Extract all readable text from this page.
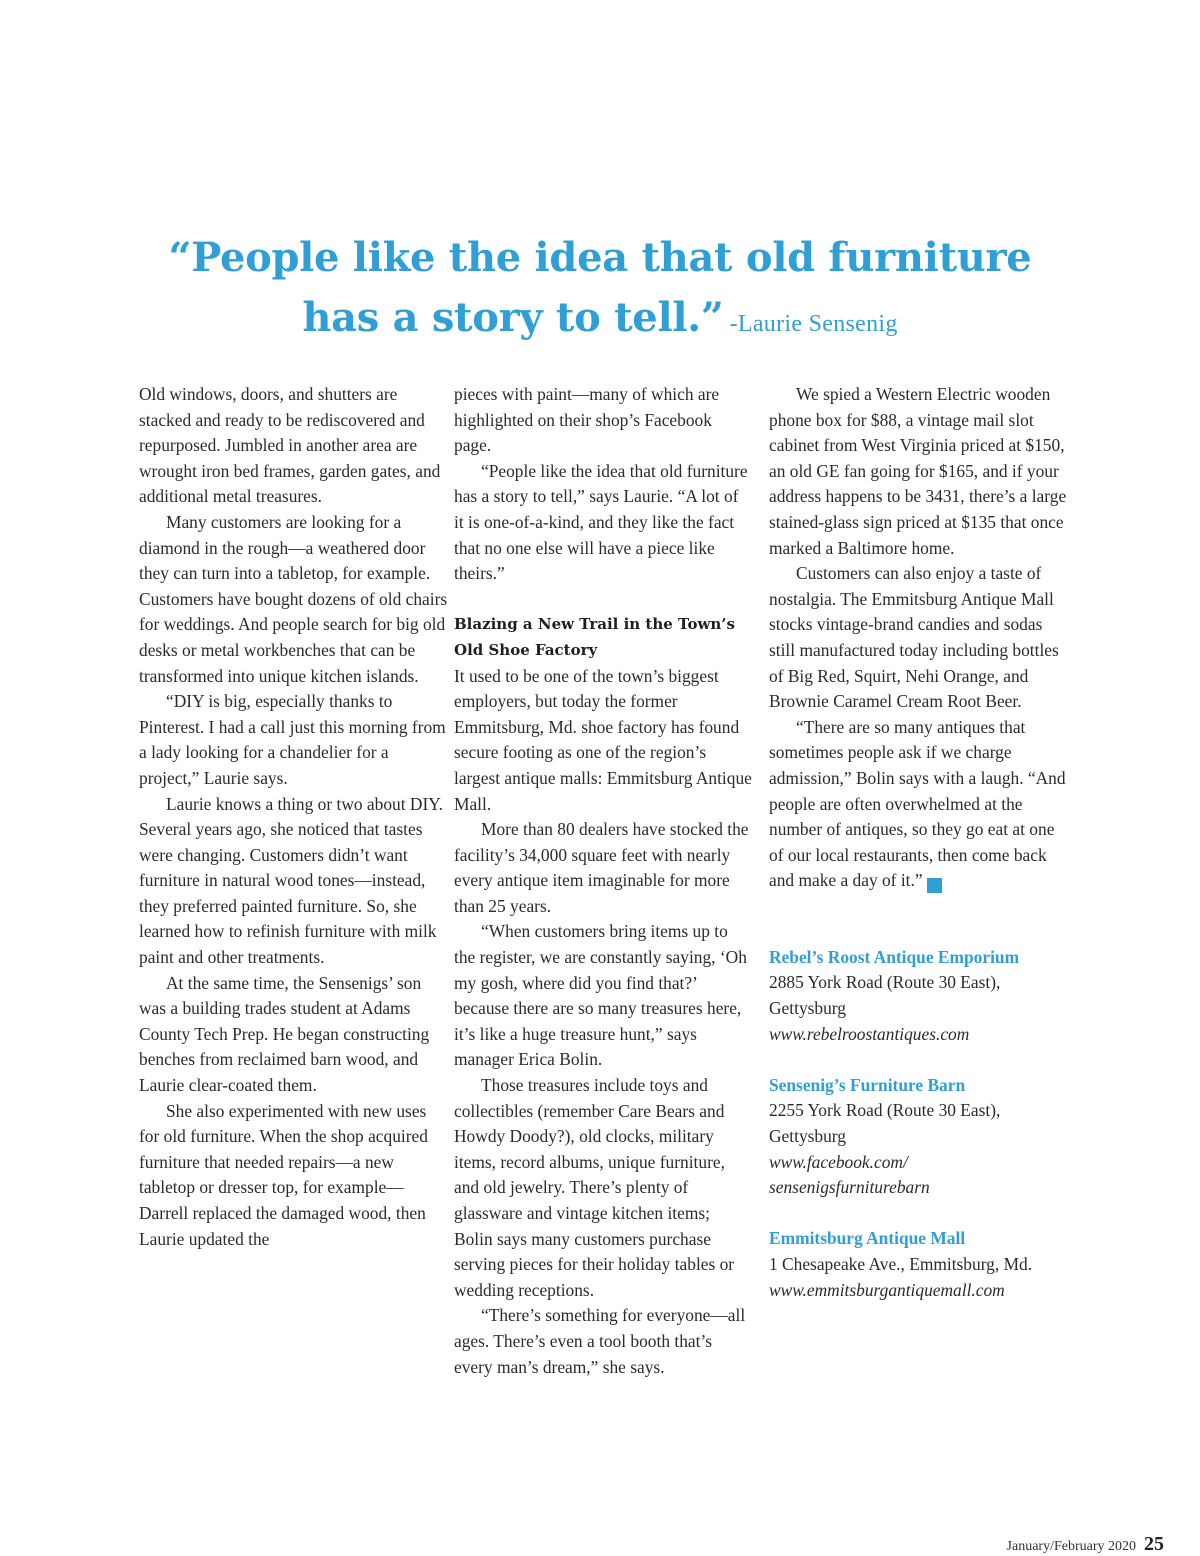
“People like the idea that old furniture
has a story to tell.” -Laurie Sensenig

Old windows, doors, and shutters are stacked and ready to be rediscovered and repurposed. Jumbled in another area are wrought iron bed frames, garden gates, and additional metal treasures.

Many customers are looking for a diamond in the rough—a weathered door they can turn into a tabletop, for example. Customers have bought dozens of old chairs for weddings. And people search for big old desks or metal workbenches that can be transformed into unique kitchen islands.

“DIY is big, especially thanks to Pinterest. I had a call just this morning from a lady looking for a chandelier for a project,” Laurie says.

Laurie knows a thing or two about DIY. Several years ago, she noticed that tastes were changing. Customers didn’t want furniture in natural wood tones—instead, they preferred painted furniture. So, she learned how to refinish furniture with milk paint and other treatments.

At the same time, the Sensenigs’ son was a building trades student at Adams County Tech Prep. He began constructing benches from reclaimed barn wood, and Laurie clear-coated them.

She also experimented with new uses for old furniture. When the shop acquired furniture that needed repairs—a new tabletop or dresser top, for example—Darrell replaced the damaged wood, then Laurie updated the

pieces with paint—many of which are highlighted on their shop’s Facebook page.

“People like the idea that old furniture has a story to tell,” says Laurie. “A lot of it is one-of-a-kind, and they like the fact that no one else will have a piece like theirs.”

Blazing a New Trail in the Town’s Old Shoe Factory

It used to be one of the town’s biggest employers, but today the former Emmitsburg, Md. shoe factory has found secure footing as one of the region’s largest antique malls: Emmitsburg Antique Mall.

More than 80 dealers have stocked the facility’s 34,000 square feet with nearly every antique item imaginable for more than 25 years.

“When customers bring items up to the register, we are constantly saying, ‘Oh my gosh, where did you find that?’ because there are so many treasures here, it’s like a huge treasure hunt,” says manager Erica Bolin.

Those treasures include toys and collectibles (remember Care Bears and Howdy Doody?), old clocks, military items, record albums, unique furniture, and old jewelry. There’s plenty of glassware and vintage kitchen items; Bolin says many customers purchase serving pieces for their holiday tables or wedding receptions.

“There’s something for everyone—all ages. There’s even a tool booth that’s every man’s dream,” she says.

We spied a Western Electric wooden phone box for $88, a vintage mail slot cabinet from West Virginia priced at $150, an old GE fan going for $165, and if your address happens to be 3431, there’s a large stained-glass sign priced at $135 that once marked a Baltimore home.

Customers can also enjoy a taste of nostalgia. The Emmitsburg Antique Mall stocks vintage-brand candies and sodas still manufactured today including bottles of Big Red, Squirt, Nehi Orange, and Brownie Caramel Cream Root Beer.

“There are so many antiques that sometimes people ask if we charge admission,” Bolin says with a laugh. “And people are often overwhelmed at the number of antiques, so they go eat at one of our local restaurants, then come back and make a day of it.”	G

Rebel’s Roost Antique Emporium
2885 York Road (Route 30 East),
Gettysburg
www.rebelroostantiques.com
Sensenig’s Furniture Barn
2255 York Road (Route 30 East),
Gettysburg
www.facebook.com/
sensenigsfurniturebarn
Emmitsburg Antique Mall
1 Chesapeake Ave., Emmitsburg, Md.
www.emmitsburgantiquemall.com
January/February 2020 25
